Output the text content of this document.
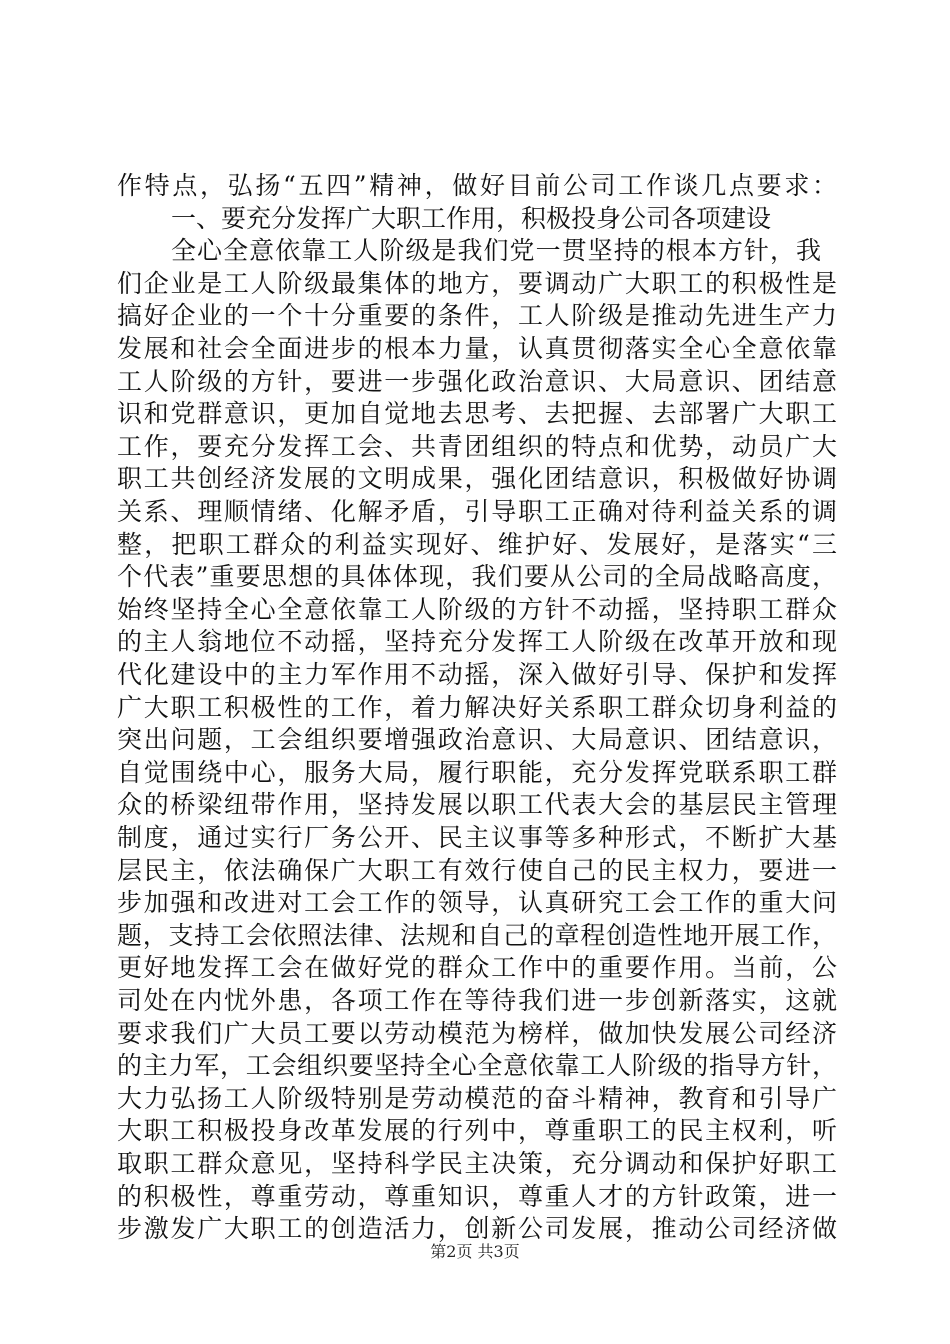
作特点，弘扬“五四”精神，做好目前公司工作谈几点要求：
一、要充分发挥广大职工作用，积极投身公司各项建设
全心全意依靠工人阶级是我们党一贯坚持的根本方针，我
们企业是工人阶级最集体的地方，要调动广大职工的积极性是
搞好企业的一个十分重要的条件，工人阶级是推动先进生产力
发展和社会全面进步的根本力量，认真贯彻落实全心全意依靠
工人阶级的方针，要进一步强化政治意识、大局意识、团结意
识和党群意识，更加自觉地去思考、去把握、去部署广大职工
工作，要充分发挥工会、共青团组织的特点和优势，动员广大
职工共创经济发展的文明成果，强化团结意识，积极做好协调
关系、理顺情绪、化解矛盾，引导职工正确对待利益关系的调
整，把职工群众的利益实现好、维护好、发展好，是落实“三
个代表”重要思想的具体体现，我们要从公司的全局战略高度，
始终坚持全心全意依靠工人阶级的方针不动摇，坚持职工群众
的主人翁地位不动摇，坚持充分发挥工人阶级在改革开放和现
代化建设中的主力军作用不动摇，深入做好引导、保护和发挥
广大职工积极性的工作，着力解决好关系职工群众切身利益的
突出问题，工会组织要增强政治意识、大局意识、团结意识，
自觉围绕中心，服务大局，履行职能，充分发挥党联系职工群
众的桥梁纽带作用，坚持发展以职工代表大会的基层民主管理
制度，通过实行厂务公开、民主议事等多种形式，不断扩大基
层民主，依法确保广大职工有效行使自己的民主权力，要进一
步加强和改进对工会工作的领导，认真研究工会工作的重大问
题，支持工会依照法律、法规和自己的章程创造性地开展工作，
更好地发挥工会在做好党的群众工作中的重要作用。当前，公
司处在内忧外患，各项工作在等待我们进一步创新落实，这就
要求我们广大员工要以劳动模范为榜样，做加快发展公司经济
的主力军，工会组织要坚持全心全意依靠工人阶级的指导方针，
大力弘扬工人阶级特别是劳动模范的奋斗精神，教育和引导广
大职工积极投身改革发展的行列中，尊重职工的民主权利，听
取职工群众意见，坚持科学民主决策，充分调动和保护好职工
的积极性，尊重劳动，尊重知识，尊重人才的方针政策，进一
步激发广大职工的创造活力，创新公司发展，推动公司经济做
第2页 共3页
